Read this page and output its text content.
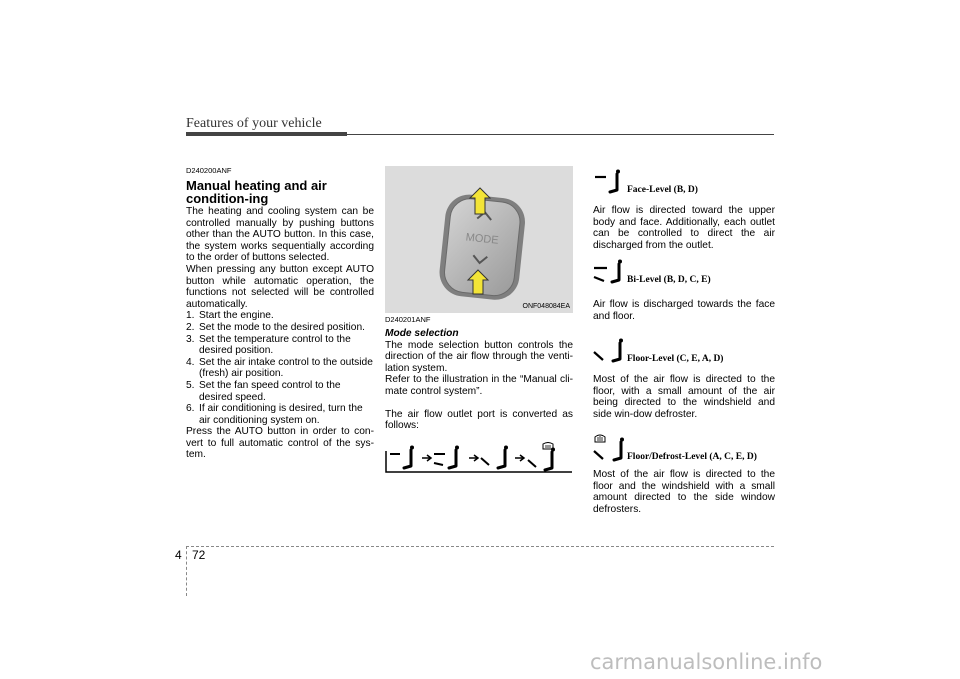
Features of your vehicle

D240200ANF

Manual heating and air condition-ing

The heating and cooling system can be controlled manually by pushing buttons other than the AUTO button. In this case, the system works sequentially according to the order of buttons selected.

When pressing any button except AUTO button while automatic operation, the functions not selected will be controlled automatically.

1. Start the engine.
2. Set the mode to the desired position.
3. Set the temperature control to the desired position.
4. Set the air intake control to the outside (fresh) air position.
5. Set the fan speed control to the desired speed.
6. If air conditioning is desired, turn the air conditioning system on.

Press the AUTO button in order to con-vert to full automatic control of the sys-tem.

MODE
ONF048084EA

D240201ANF

Mode selection

The mode selection button controls the direction of the air flow through the venti-lation system.

Refer to the illustration in the “Manual cli-mate control system”.

The air flow outlet port is converted as follows:

Face-Level (B, D)

Air flow is directed toward the upper body and face. Additionally, each outlet can be controlled to direct the air discharged from the outlet.

Air flow is discharged towards the face and floor.

Most of the air flow is directed to the floor, with a small amount of the air being directed to the windshield and side win-dow defroster.

Most of the air flow is directed to the floor and the windshield with a small amount directed to the side window defrosters.

Bi-Level (B, D, C, E)
Floor-Level (C, E, A, D)
Floor/Defrost-Level (A, C, E, D)
4 72
carmanualsonline.info
